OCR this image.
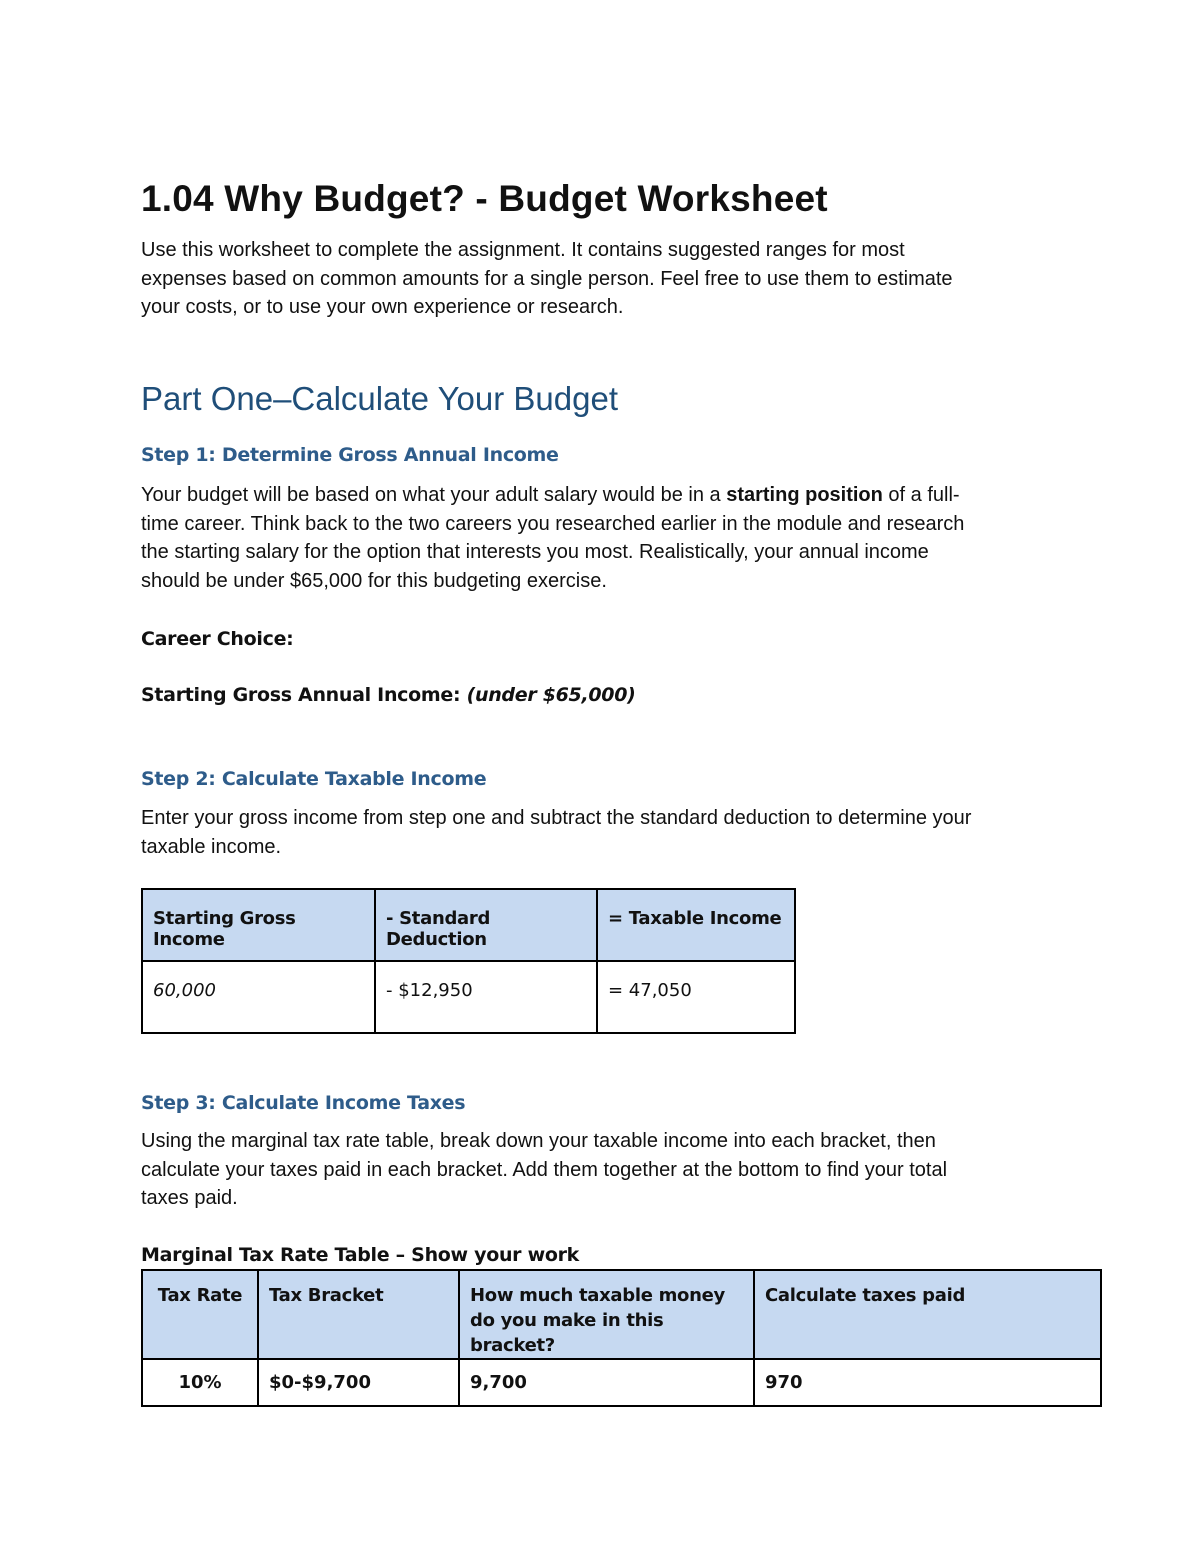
1.04 Why Budget? - Budget Worksheet
Use this worksheet to complete the assignment. It contains suggested ranges for most
expenses based on common amounts for a single person. Feel free to use them to estimate
your costs, or to use your own experience or research.
Part One–Calculate Your Budget
Step 1: Determine Gross Annual Income
Your budget will be based on what your adult salary would be in a starting position of a full-
time career. Think back to the two careers you researched earlier in the module and research
the starting salary for the option that interests you most. Realistically, your annual income
should be under $65,000 for this budgeting exercise.
Career Choice:
Starting Gross Annual Income: (under $65,000)
Step 2: Calculate Taxable Income
Enter your gross income from step one and subtract the standard deduction to determine your
taxable income.
Starting Gross Income	- Standard Deduction	= Taxable Income
60,000	- $12,950	= 47,050
Step 3: Calculate Income Taxes
Using the marginal tax rate table, break down your taxable income into each bracket, then
calculate your taxes paid in each bracket. Add them together at the bottom to find your total
taxes paid.
Marginal Tax Rate Table – Show your work
Tax Rate	Tax Bracket	How much taxable money do you make in this bracket?	Calculate taxes paid
10%	$0-$9,700	9,700	970
